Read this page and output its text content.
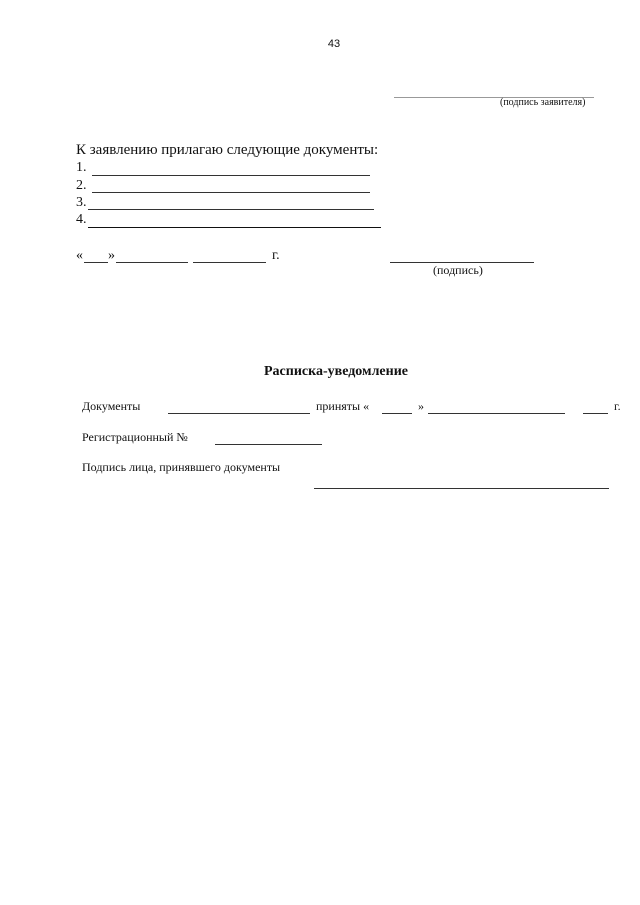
43
(подпись заявителя)
К заявлению прилагаю следующие документы:
1.
2.
3.
4.
« »	г.
(подпись)
Расписка-уведомление
Документы	приняты «	»	г.
Регистрационный №
Подпись лица, принявшего документы
